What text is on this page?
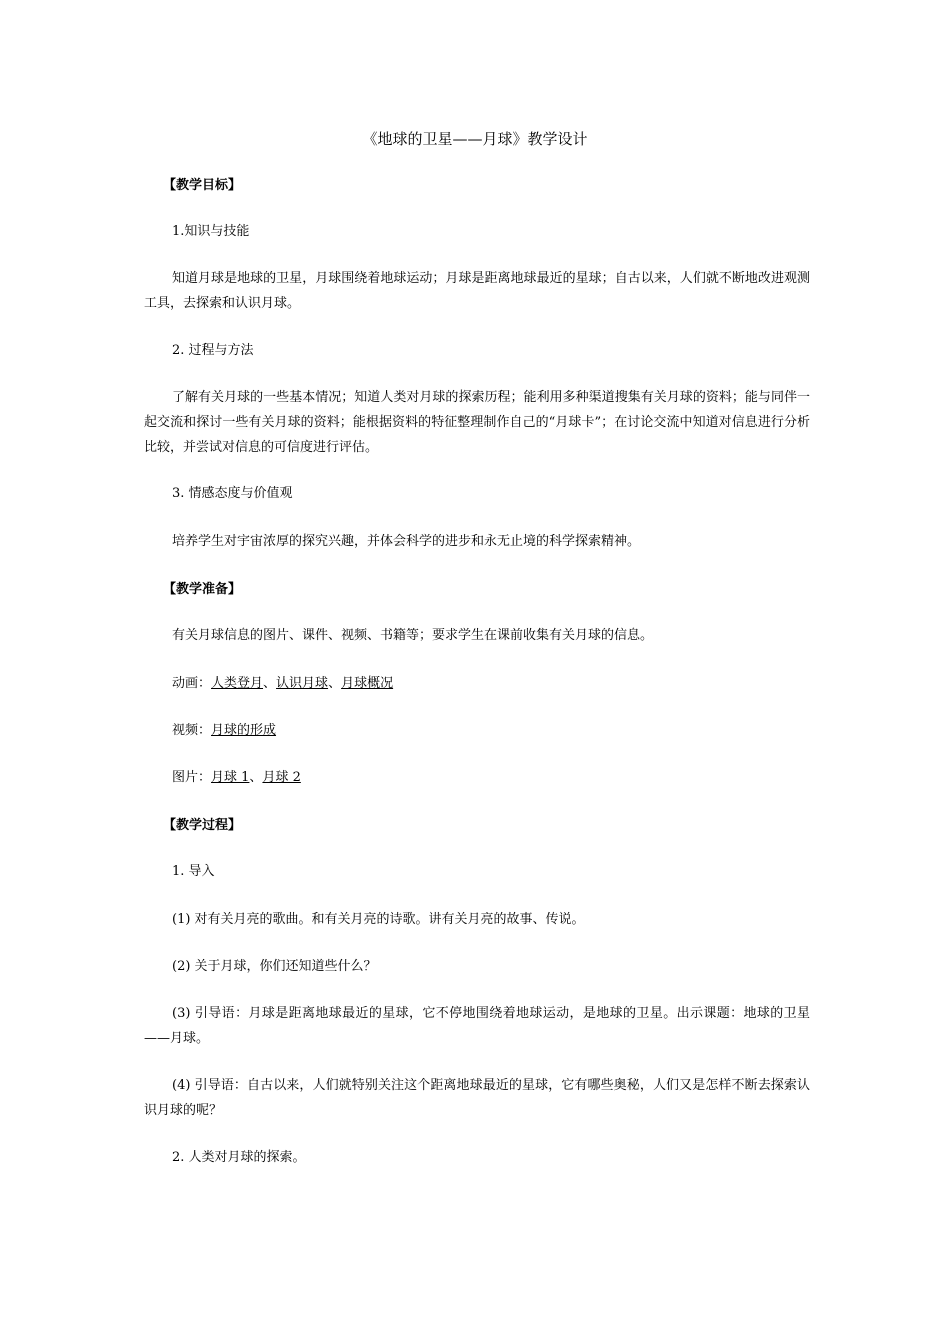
《地球的卫星——月球》教学设计
【教学目标】
1.知识与技能
知道月球是地球的卫星，月球围绕着地球运动；月球是距离地球最近的星球；自古以来，人们就不断地改进观测工具，去探索和认识月球。
2. 过程与方法
了解有关月球的一些基本情况；知道人类对月球的探索历程；能利用多种渠道搜集有关月球的资料；能与同伴一起交流和探讨一些有关月球的资料；能根据资料的特征整理制作自己的“月球卡”；在讨论交流中知道对信息进行分析比较，并尝试对信息的可信度进行评估。
3. 情感态度与价值观
培养学生对宇宙浓厚的探究兴趣，并体会科学的进步和永无止境的科学探索精神。
【教学准备】
有关月球信息的图片、课件、视频、书籍等；要求学生在课前收集有关月球的信息。
动画：人类登月、认识月球、月球概况
视频：月球的形成
图片：月球 1、月球 2
【教学过程】
1. 导入
(1) 对有关月亮的歌曲。和有关月亮的诗歌。讲有关月亮的故事、传说。
(2) 关于月球，你们还知道些什么？
(3) 引导语：月球是距离地球最近的星球，它不停地围绕着地球运动，是地球的卫星。出示课题：地球的卫星——月球。
(4) 引导语：自古以来，人们就特别关注这个距离地球最近的星球，它有哪些奥秘，人们又是怎样不断去探索认识月球的呢？
2. 人类对月球的探索。
